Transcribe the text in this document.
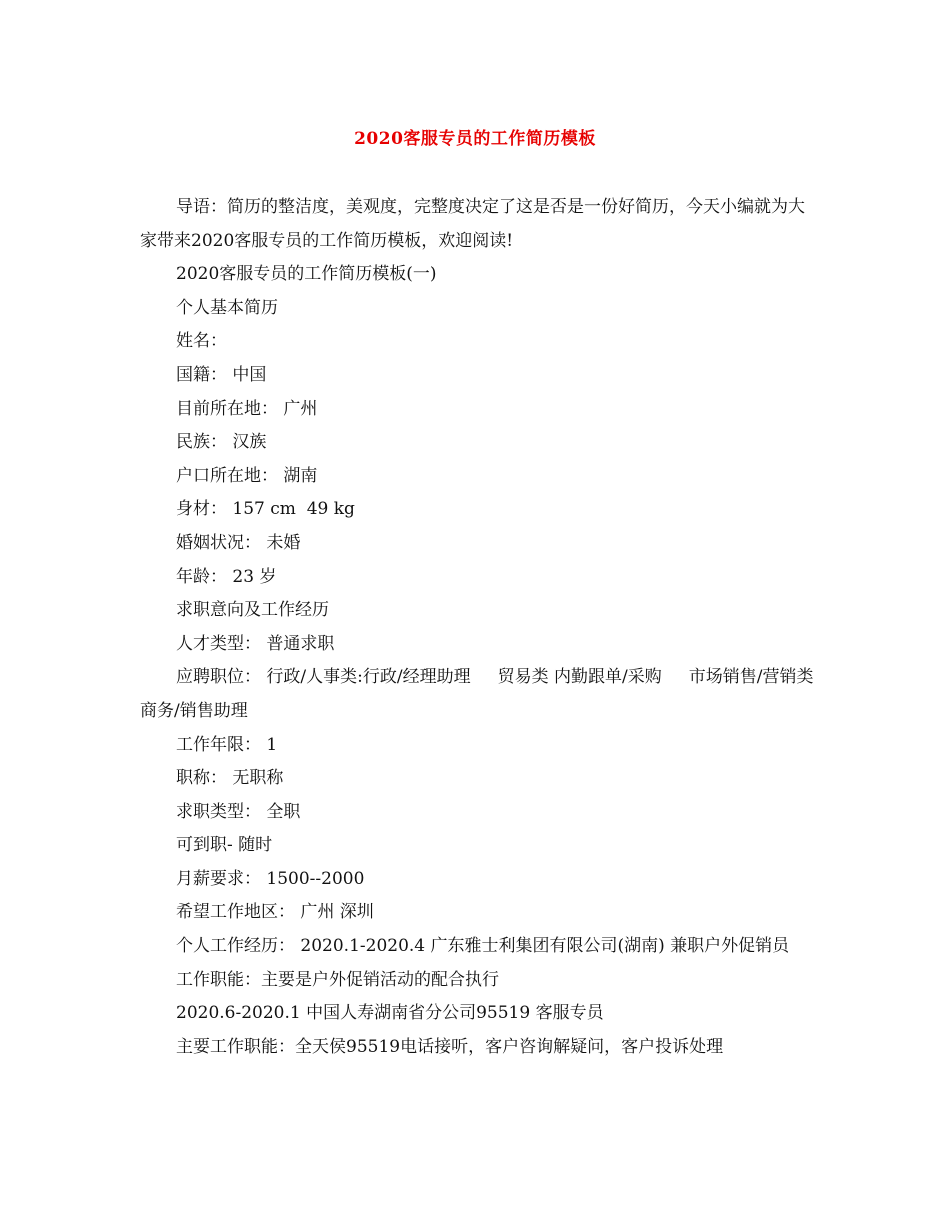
2020客服专员的工作简历模板

导语：简历的整洁度，美观度，完整度决定了这是否是一份好简历，今天小编就为大家带来2020客服专员的工作简历模板，欢迎阅读!

2020客服专员的工作简历模板(一)

个人基本简历

姓名：

国籍： 中国

目前所在地： 广州

民族： 汉族

户口所在地： 湖南

身材： 157 cm  49 kg

婚姻状况： 未婚

年龄： 23 岁

求职意向及工作经历

人才类型： 普通求职

应聘职位： 行政/人事类:行政/经理助理     贸易类 内勤跟单/采购     市场销售/营销类 商务/销售助理

工作年限： 1

职称： 无职称

求职类型： 全职

可到职- 随时

月薪要求： 1500--2000

希望工作地区： 广州 深圳

个人工作经历： 2020.1-2020.4 广东雅士利集团有限公司(湖南) 兼职户外促销员

工作职能：主要是户外促销活动的配合执行

2020.6-2020.1 中国人寿湖南省分公司95519 客服专员

主要工作职能：全天侯95519电话接听，客户咨询解疑问，客户投诉处理
